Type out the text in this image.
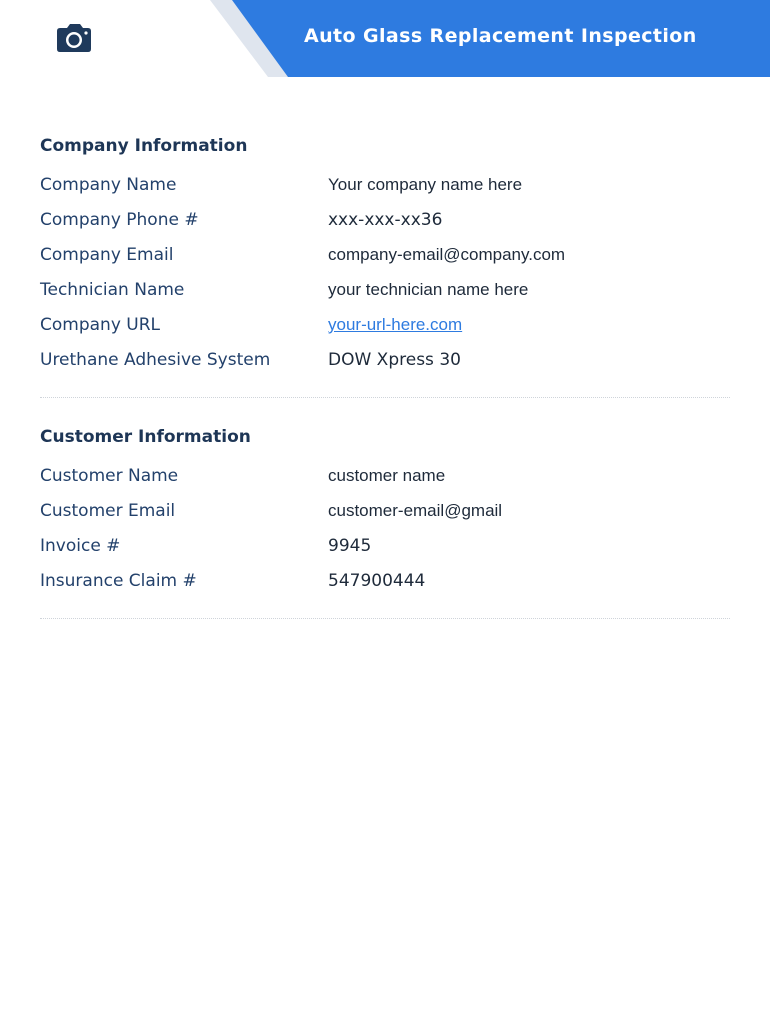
Auto Glass Replacement Inspection
Company Information
Company Name	Your company name here
Company Phone #	xxx-xxx-xx36
Company Email	company-email@company.com
Technician Name	your technician name here
Company URL	your-url-here.com
Urethane Adhesive System	DOW Xpress 30
Customer Information
Customer Name	customer name
Customer Email	customer-email@gmail
Invoice #	9945
Insurance Claim #	547900444
